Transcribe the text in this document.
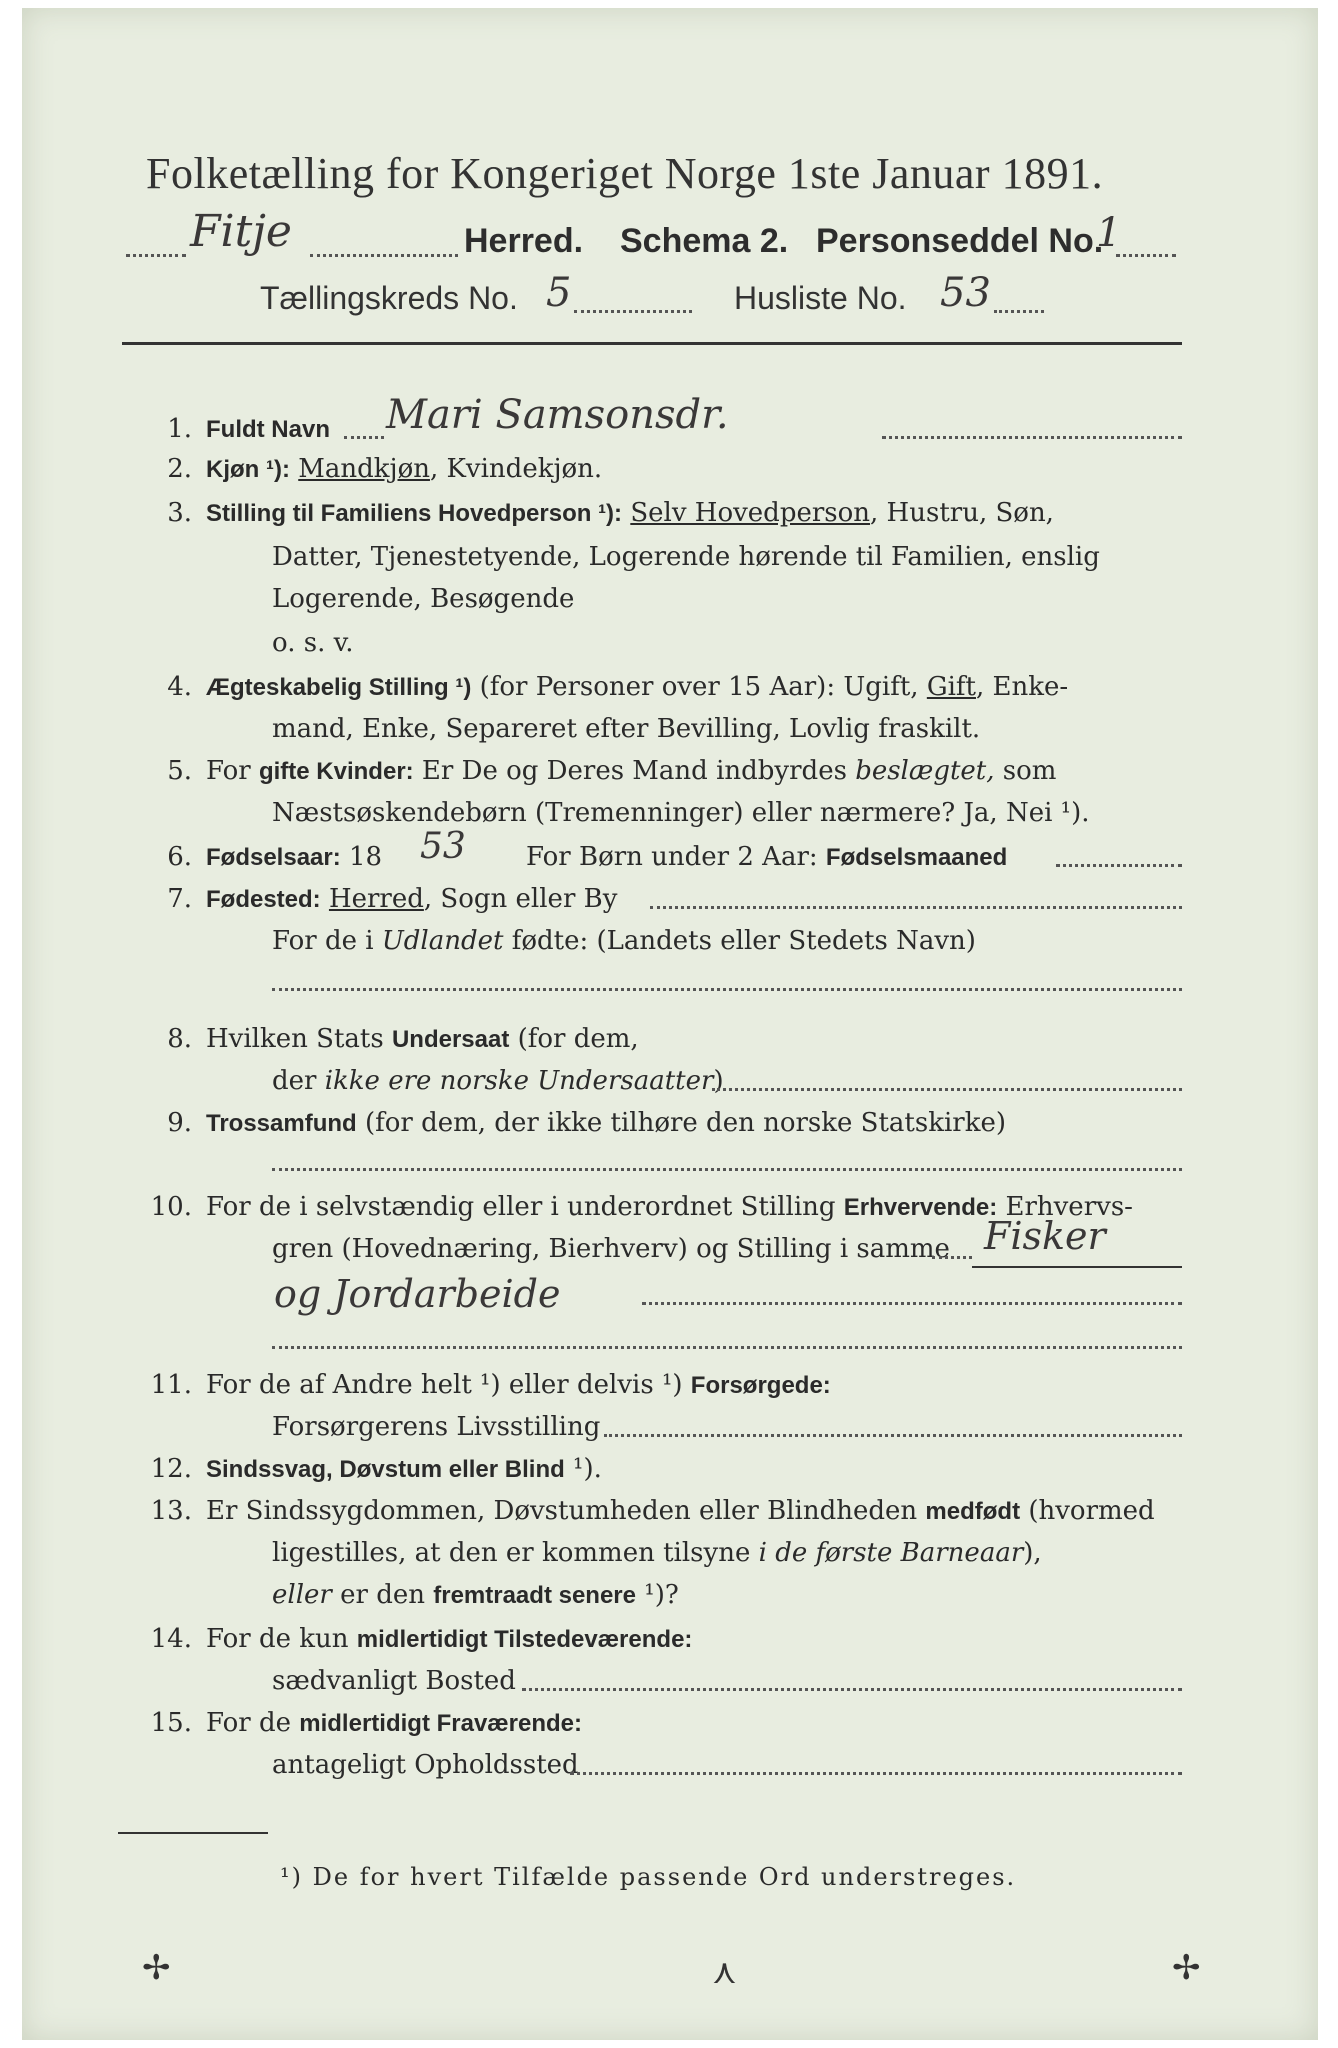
Folketælling for Kongeriget Norge 1ste Januar 1891.
Fitje	Herred. Schema 2. Personseddel No.
1
Tællingskreds No. 5	Husliste No. 53
1. Fuldt Navn Mari Samsonsdr.
2. Kjøn ¹): Mandkjøn, Kvindekjøn.
3. Stilling til Familiens Hovedperson ¹): Selv Hovedperson, Hustru, Søn,
Datter, Tjenestetyende, Logerende hørende til Familien, enslig
Logerende, Besøgende
o. s. v.
4. Ægteskabelig Stilling ¹) (for Personer over 15 Aar): Ugift, Gift, Enke-
mand, Enke, Separeret efter Bevilling, Lovlig fraskilt.
5. For gifte Kvinder: Er De og Deres Mand indbyrdes beslægtet, som
Næstsøskendebørn (Tremenninger) eller nærmere? Ja, Nei ¹).
6. Fødselsaar: 18 53 For Børn under 2 Aar: Fødselsmaaned
7. Fødested: Herred, Sogn eller By
For de i Udlandet fødte: (Landets eller Stedets Navn)
8. Hvilken Stats Undersaat (for dem,
der ikke ere norske Undersaatter)
9. Trossamfund (for dem, der ikke tilhøre den norske Statskirke)
10. For de i selvstændig eller i underordnet Stilling Erhvervende: Erhvervs-
gren (Hovednæring, Bierhverv) og Stilling i samme Fisker
og Jordarbeide
11. For de af Andre helt ¹) eller delvis ¹) Forsørgede:
Forsørgerens Livsstilling
12. Sindssvag, Døvstum eller Blind ¹).
13. Er Sindssygdommen, Døvstumheden eller Blindheden medfødt (hvormed
ligestilles, at den er kommen tilsyne i de første Barneaar),
eller er den fremtraadt senere ¹)?
14. For de kun midlertidigt Tilstedeværende:
sædvanligt Bosted
15. For de midlertidigt Fraværende:
antageligt Opholdssted
¹) De for hvert Tilfælde passende Ord understreges.
✢	⋏	✢
